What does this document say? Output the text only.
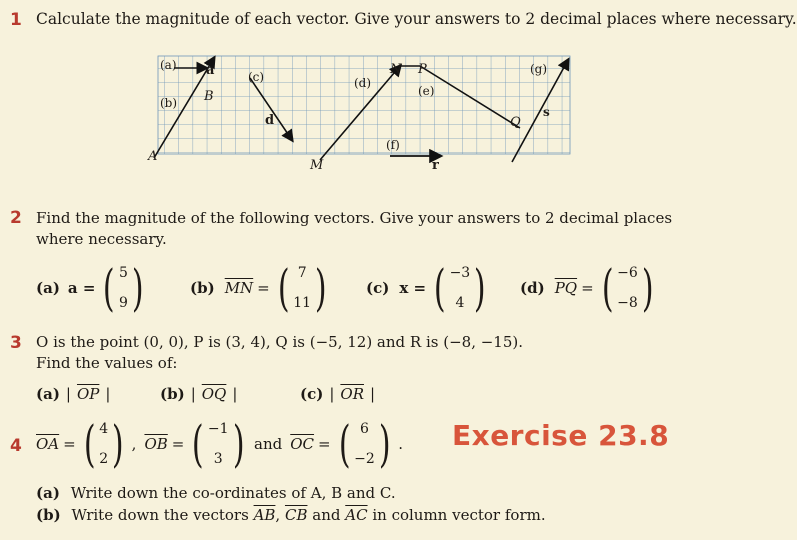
1 Calculate the magnitude of each vector. Give your answers to 2 decimal places where necessary.
(a) a
(b) B
A
(c)
d
(d)
M
N P
(e)
(f)
r
(g)
Q
s
2 Find the magnitude of the following vectors. Give your answers to 2 decimal places where necessary.
(a) a = ( 5
9 )	(b) $\overline{MN}$ = ( 7
11 )	(c) x = ( −3
4 ) (d) $\overline{PQ}$ = ( −6
−8 )
3 O is the point (0, 0), P is (3, 4), Q is (−5, 12) and R is (−8, −15).
Find the values of:
(a) | $\overline{OP}$ |	(b) | $\overline{OQ}$ |	(c) | $\overline{OR}$ |
4 $\overline{OA}$ = ( 4
2 ) , $\overline{OB}$ = ( −1
3 ) and $\overline{OC}$ = ( 6
−2 ) . Exercise 23.8
(a) Write down the co-ordinates of A, B and C.
(b) Write down the vectors $\overline{AB}$, $\overline{CB}$ and $\overline{AC}$ in column vector form.
